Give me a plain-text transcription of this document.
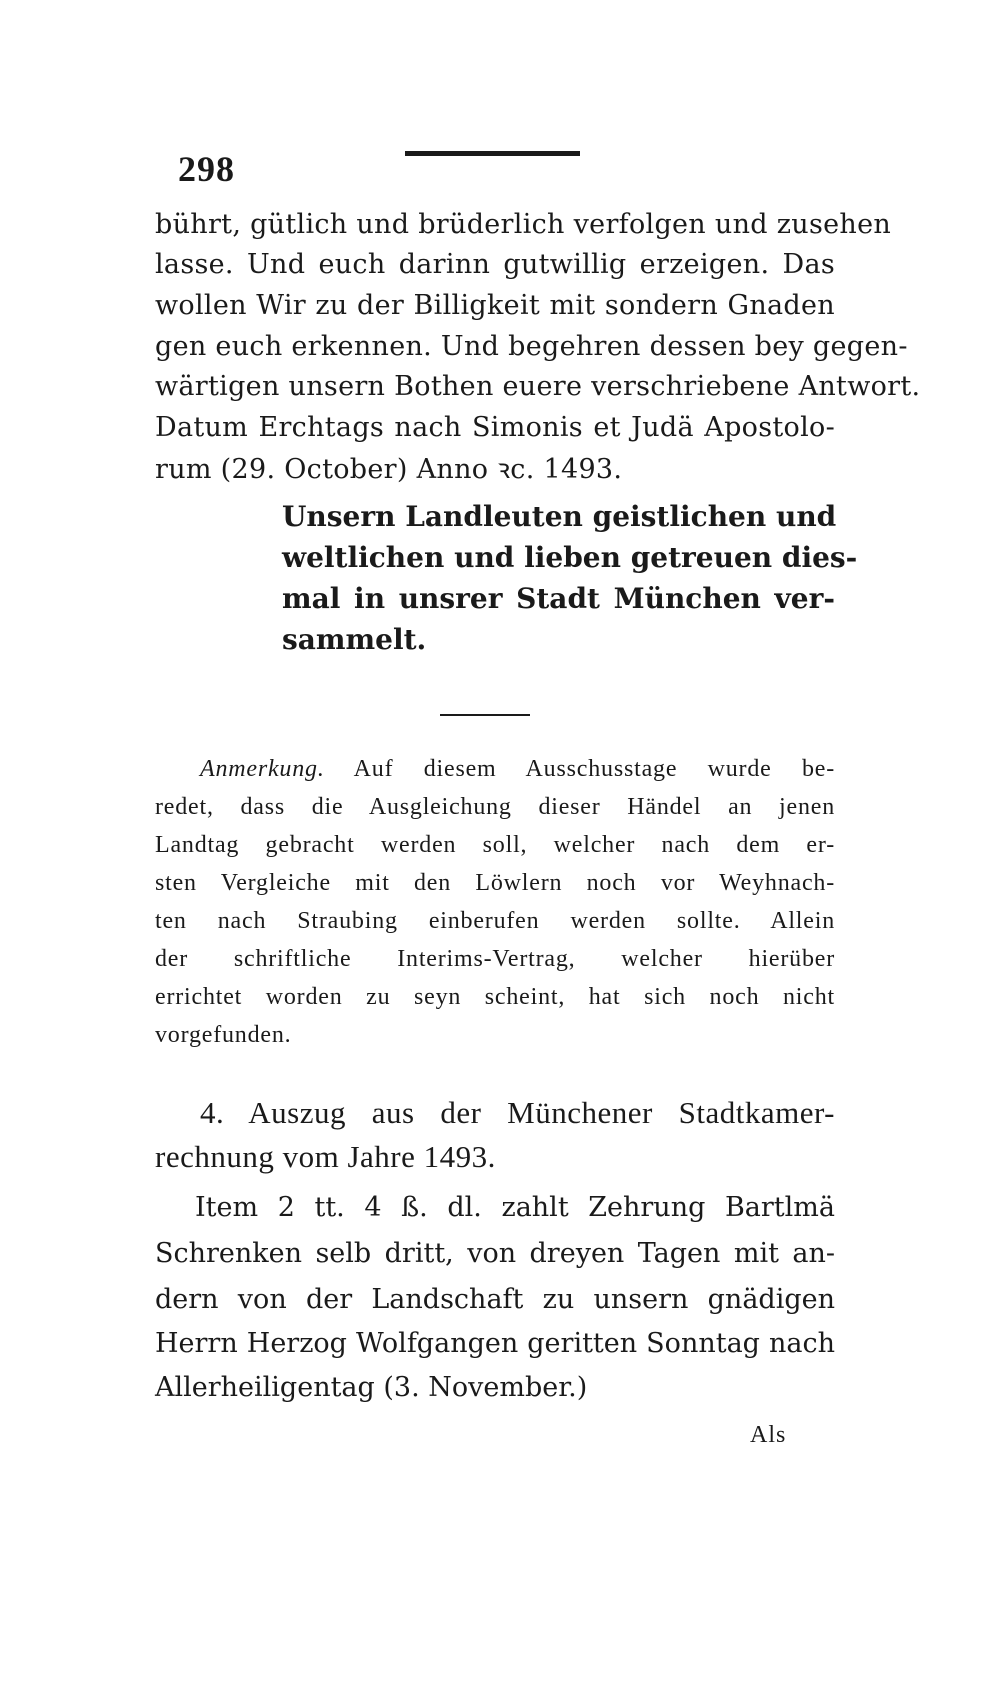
298
bührt, gütlich und brüderlich verfolgen und zusehen
lasse. Und euch darinn gutwillig erzeigen. Das
wollen Wir zu der Billigkeit mit sondern Gnaden
gen euch erkennen. Und begehren dessen bey gegen-
wärtigen unsern Bothen euere verschriebene Antwort.
Datum Erchtags nach Simonis et Judä Apostolo-
rum (29. October) Anno ꝛc. 1493.
Unsern Landleuten geistlichen und
weltlichen und lieben getreuen dies-
mal in unsrer Stadt München ver-
sammelt.
Anmerkung. Auf diesem Ausschusstage wurde be-
redet, dass die Ausgleichung dieser Händel an jenen
Landtag gebracht werden soll, welcher nach dem er-
sten Vergleiche mit den Löwlern noch vor Weyhnach-
ten nach Straubing einberufen werden sollte. Allein
der schriftliche Interims-Vertrag, welcher hierüber
errichtet worden zu seyn scheint, hat sich noch nicht
vorgefunden.
4. Auszug aus der Münchener Stadtkamer-
rechnung vom Jahre 1493.
Item 2 tt. 4 ß. dl. zahlt Zehrung Bartlmä
Schrenken selb dritt, von dreyen Tagen mit an-
dern von der Landschaft zu unsern gnädigen
Herrn Herzog Wolfgangen geritten Sonntag nach
Allerheiligentag (3. November.)
Als
